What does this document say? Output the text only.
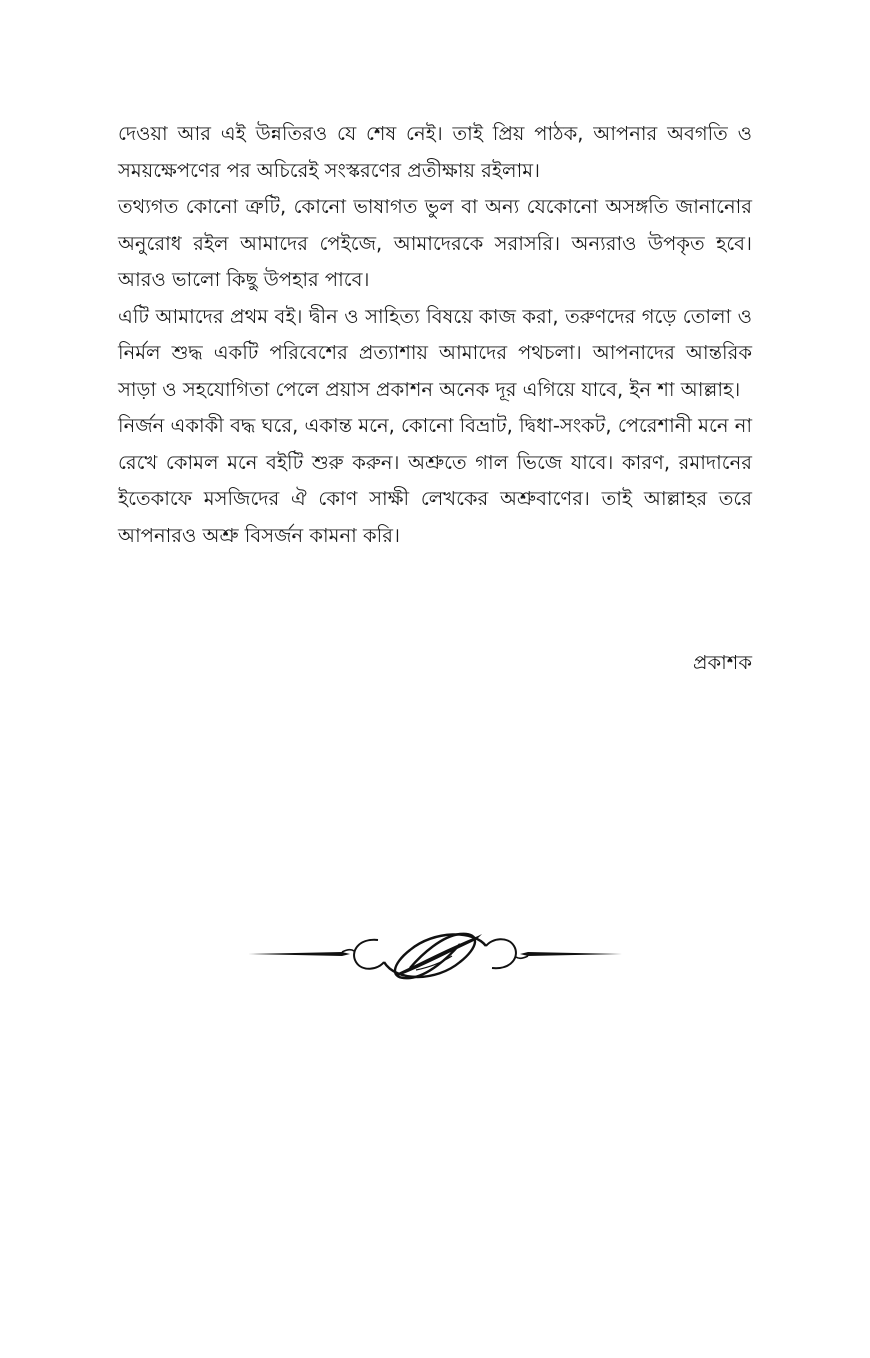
দেওয়া আর এই উন্নতিরও যে শেষ নেই। তাই প্রিয় পাঠক, আপনার অবগতি ও সময়ক্ষেপণের পর অচিরেই সংস্করণের প্রতীক্ষায় রইলাম।

তথ্যগত কোনো ত্রুটি, কোনো ভাষাগত ভুল বা অন্য যেকোনো অসঙ্গতি জানানোর অনুরোধ রইল আমাদের পেইজে, আমাদেরকে সরাসরি। অন্যরাও উপকৃত হবে। আরও ভালো কিছু উপহার পাবে।

এটি আমাদের প্রথম বই। দ্বীন ও সাহিত্য বিষয়ে কাজ করা, তরুণদের গড়ে তোলা ও নির্মল শুদ্ধ একটি পরিবেশের প্রত্যাশায় আমাদের পথচলা। আপনাদের আন্তরিক সাড়া ও সহযোগিতা পেলে প্রয়াস প্রকাশন অনেক দূর এগিয়ে যাবে, ইন শা আল্লাহ।

নির্জন একাকী বদ্ধ ঘরে, একান্ত মনে, কোনো বিভ্রাট, দ্বিধা-সংকট, পেরেশানী মনে না রেখে কোমল মনে বইটি শুরু করুন। অশ্রুতে গাল ভিজে যাবে। কারণ, রমাদানের ইতেকাফে মসজিদের ঐ কোণ সাক্ষী লেখকের অশ্রুবাণের। তাই আল্লাহর তরে আপনারও অশ্রু বিসর্জন কামনা করি।

প্রকাশক
